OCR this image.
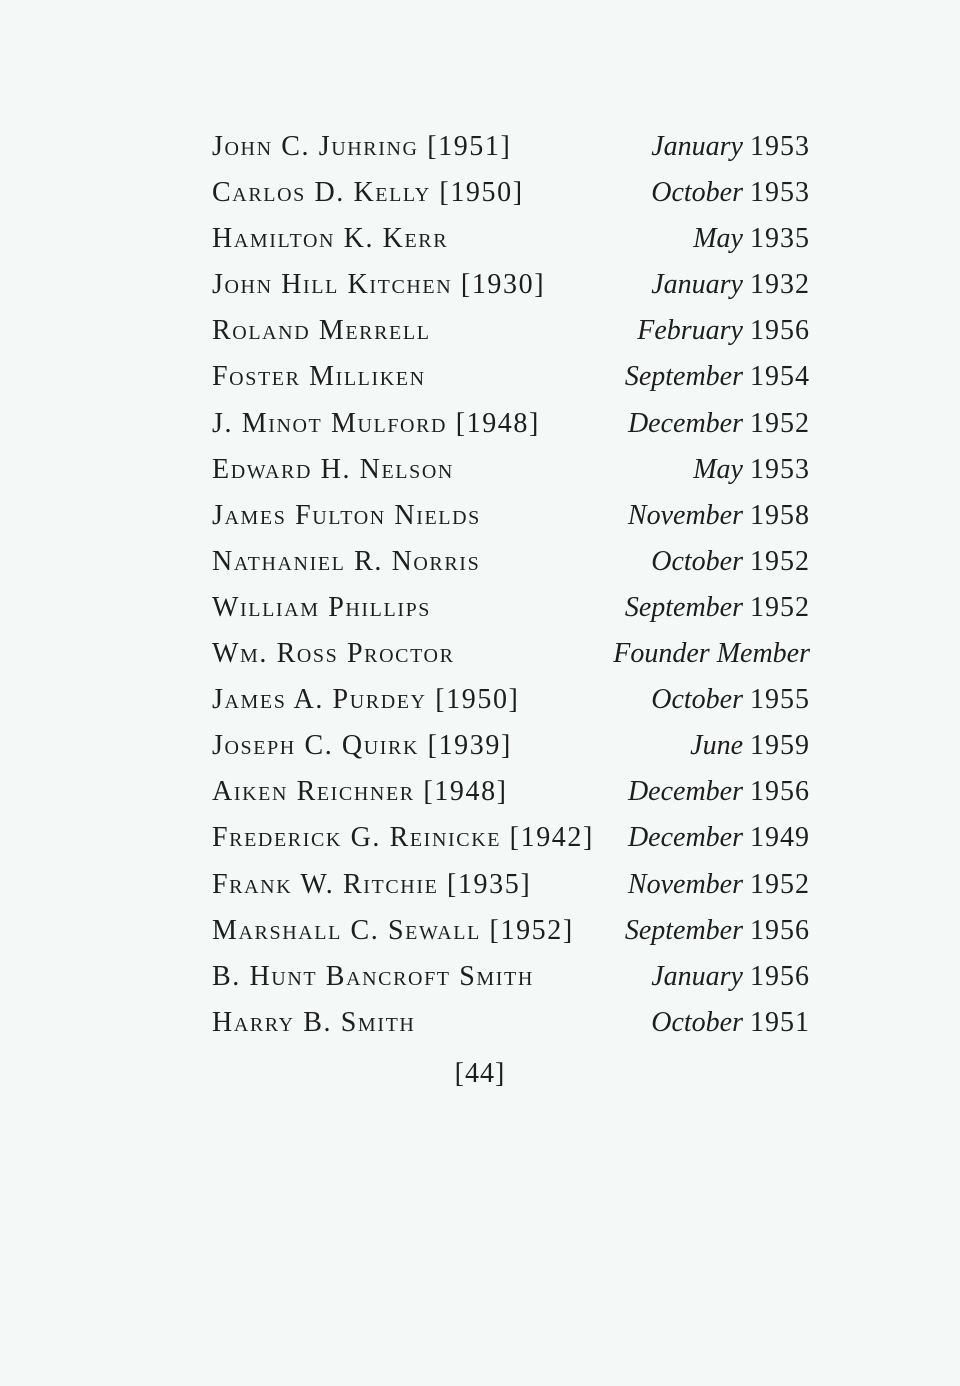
John C. Juhring [1951]	January 1953
Carlos D. Kelly [1950]	October 1953
Hamilton K. Kerr	May 1935
John Hill Kitchen [1930]	January 1932
Roland Merrell	February 1956
Foster Milliken	September 1954
J. Minot Mulford [1948]	December 1952
Edward H. Nelson	May 1953
James Fulton Nields	November 1958
Nathaniel R. Norris	October 1952
William Phillips	September 1952
Wm. Ross Proctor	Founder Member
James A. Purdey [1950]	October 1955
Joseph C. Quirk [1939]	June 1959
Aiken Reichner [1948]	December 1956
Frederick G. Reinicke [1942] December 1949
Frank W. Ritchie [1935]	November 1952
Marshall C. Sewall [1952] September 1956
B. Hunt Bancroft Smith	January 1956
Harry B. Smith	October 1951
[44]
